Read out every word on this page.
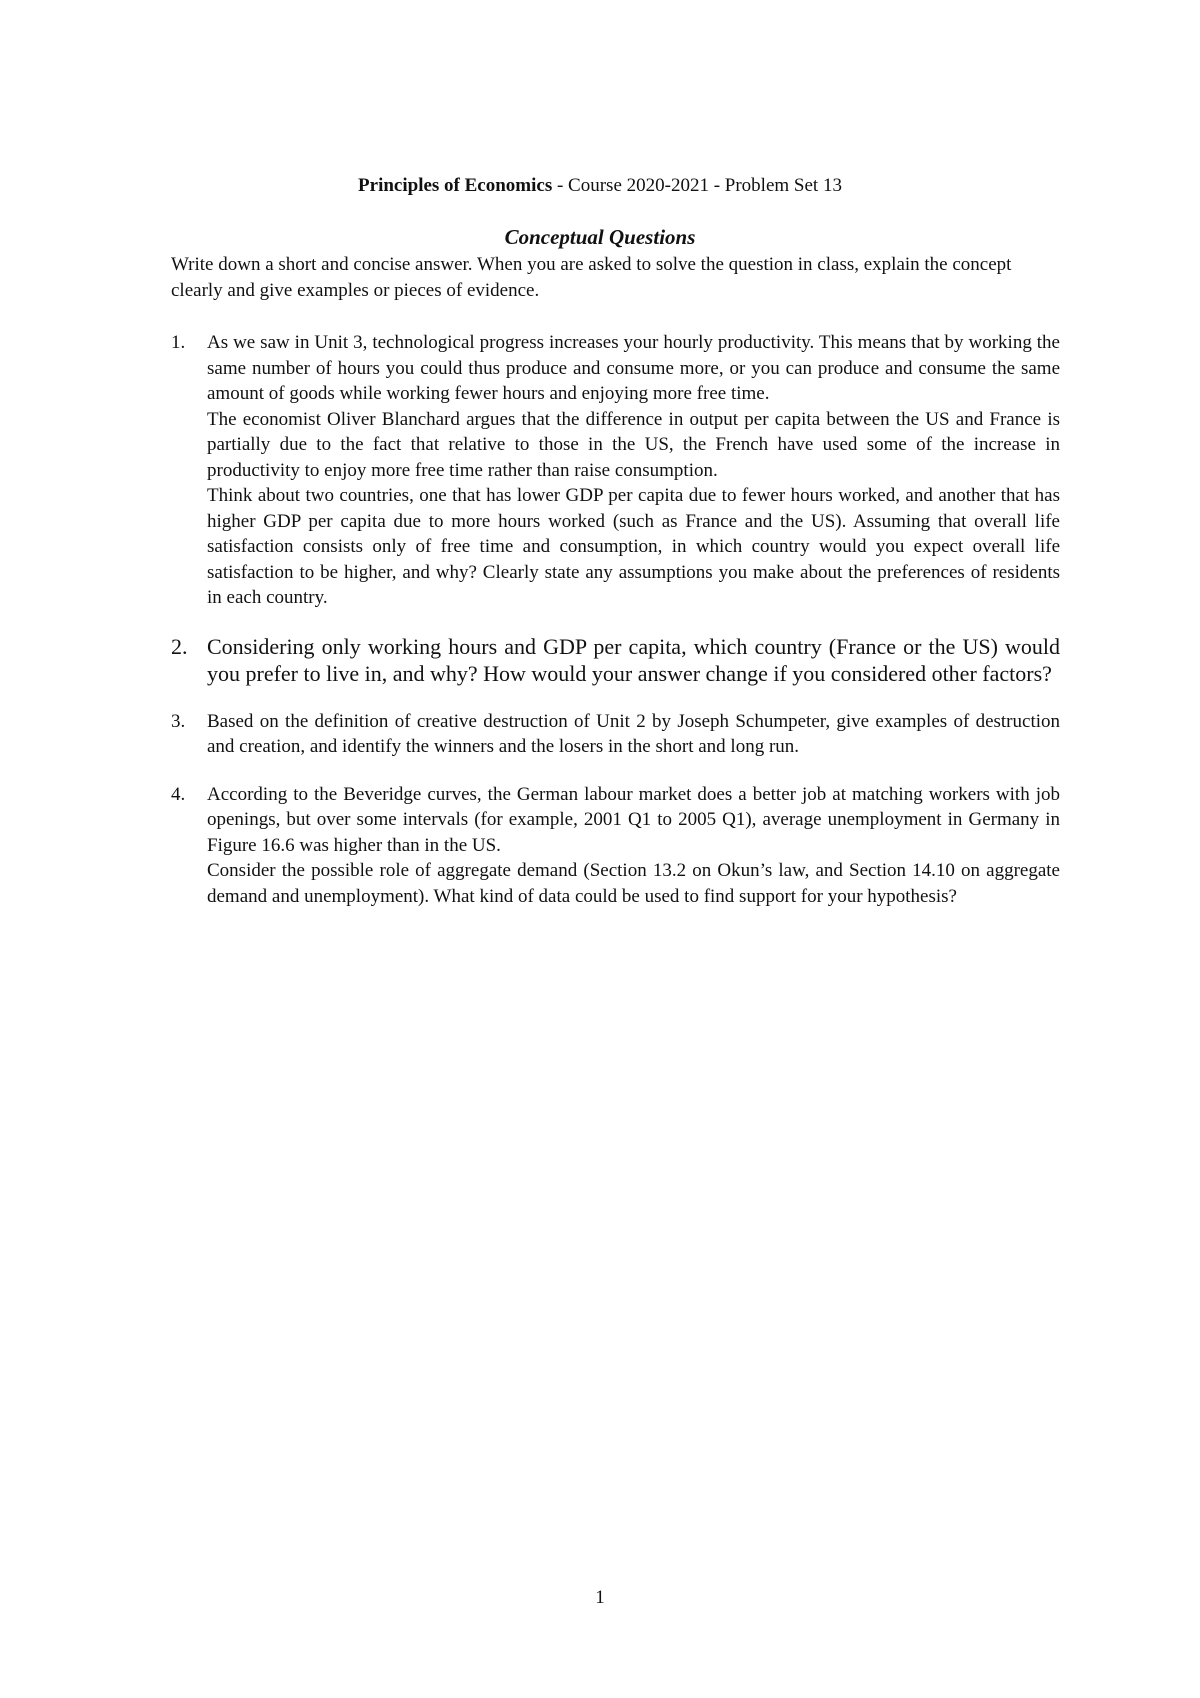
Principles of Economics - Course 2020-2021 - Problem Set 13
Conceptual Questions
Write down a short and concise answer. When you are asked to solve the question in class, explain the concept clearly and give examples or pieces of evidence.
1.	As we saw in Unit 3, technological progress increases your hourly productivity. This means that by working the same number of hours you could thus produce and consume more, or you can produce and consume the same amount of goods while working fewer hours and enjoying more free time.

The economist Oliver Blanchard argues that the difference in output per capita between the US and France is partially due to the fact that relative to those in the US, the French have used some of the increase in productivity to enjoy more free time rather than raise consumption.

Think about two countries, one that has lower GDP per capita due to fewer hours worked, and another that has higher GDP per capita due to more hours worked (such as France and the US). Assuming that overall life satisfaction consists only of free time and consumption, in which country would you expect overall life satisfaction to be higher, and why? Clearly state any assumptions you make about the preferences of residents in each country.

2. Considering only working hours and GDP per capita, which country (France or the US) would you prefer to live in, and why? How would your answer change if you considered other factors?

3.	Based on the definition of creative destruction of Unit 2 by Joseph Schumpeter, give examples of destruction and creation, and identify the winners and the losers in the short and long run.

4.	According to the Beveridge curves, the German labour market does a better job at matching workers with job openings, but over some intervals (for example, 2001 Q1 to 2005 Q1), average unemployment in Germany in Figure 16.6 was higher than in the US.

Consider the possible role of aggregate demand (Section 13.2 on Okun’s law, and Section 14.10 on aggregate demand and unemployment). What kind of data could be used to find support for your hypothesis?

1
